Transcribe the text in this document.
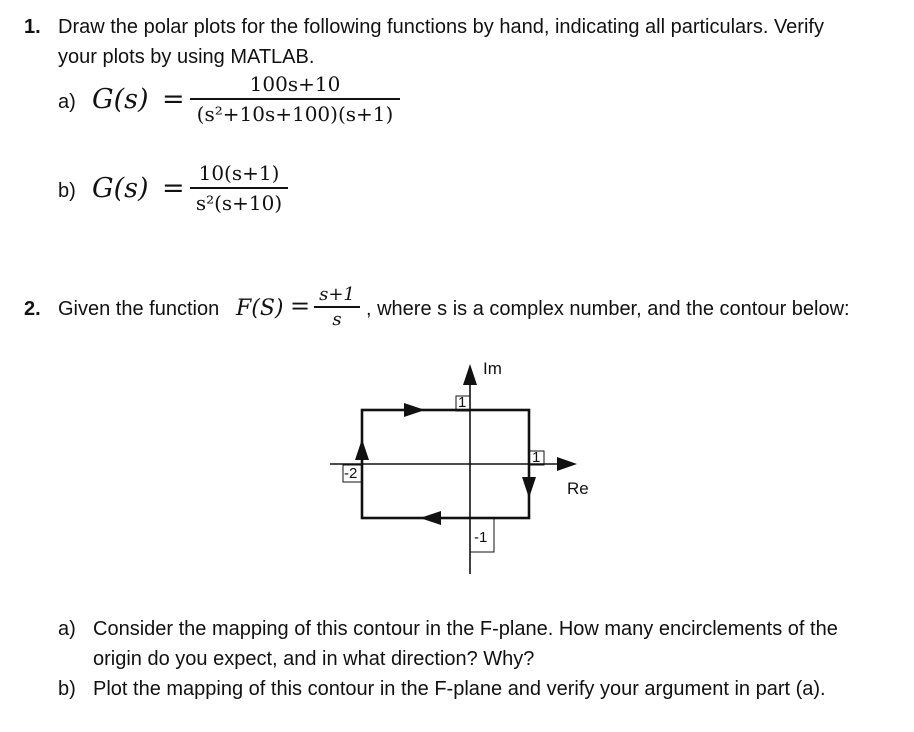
1. Draw the polar plots for the following functions by hand, indicating all particulars. Verify
your plots by using MATLAB.
a) G(s) =	100s+10
(s²+10s+100)(s+1)
b) G(s) = 10(s+1)
s²(s+10)
2. Given the function F(S) = s+1
s	, where s is a complex number, and the contour below:
Im
Re
1
1
-2
-1
a) Consider the mapping of this contour in the F-plane. How many encirclements of the
origin do you expect, and in what direction? Why?
b) Plot the mapping of this contour in the F-plane and verify your argument in part (a).
